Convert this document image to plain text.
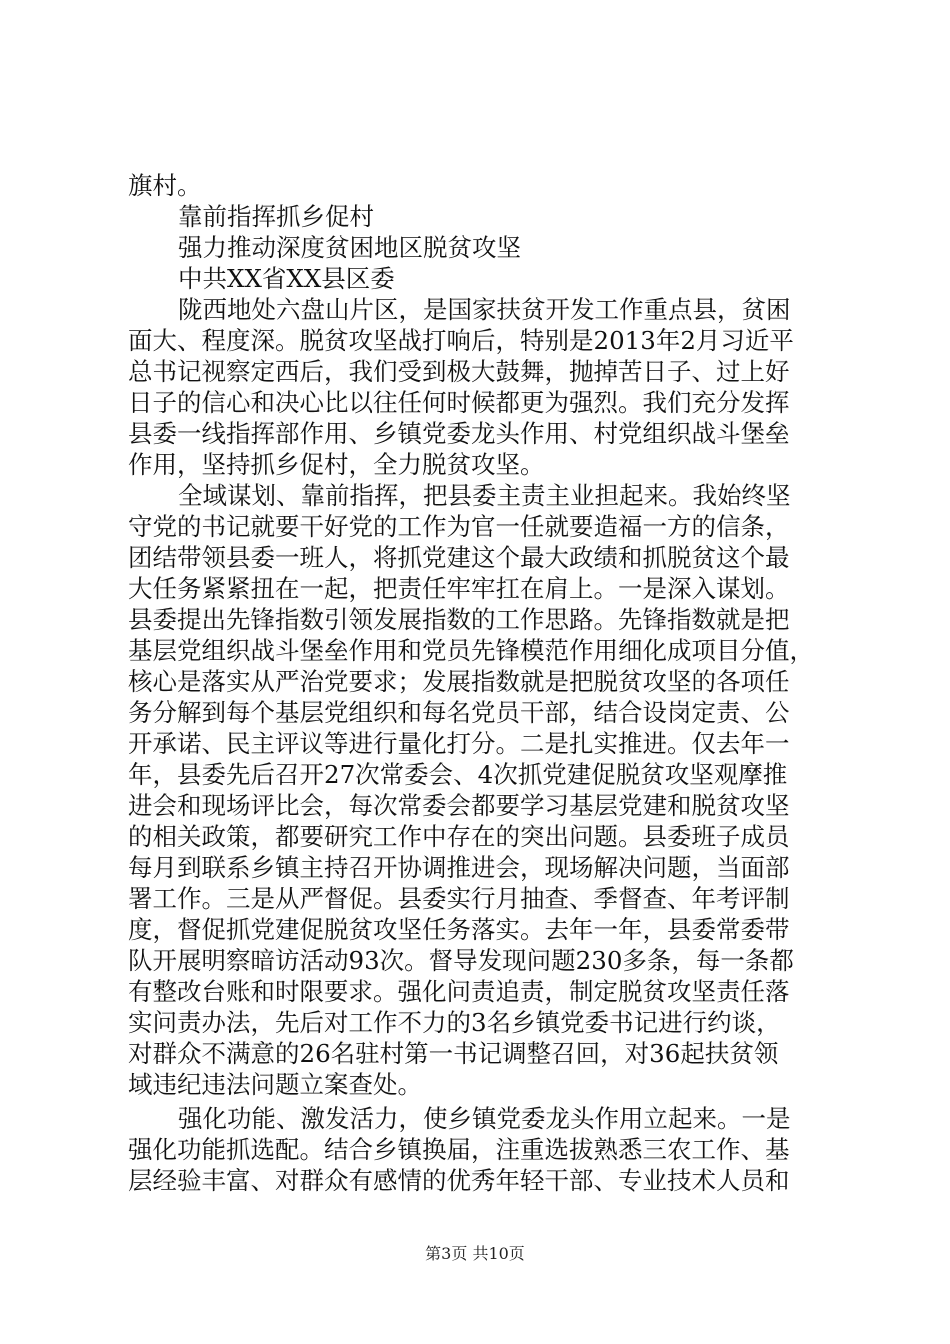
旗村。
靠前指挥抓乡促村
强力推动深度贫困地区脱贫攻坚
中共XX省XX县区委
陇西地处六盘山片区，是国家扶贫开发工作重点县，贫困
面大、程度深。脱贫攻坚战打响后，特别是2013年2月习近平
总书记视察定西后，我们受到极大鼓舞，抛掉苦日子、过上好
日子的信心和决心比以往任何时候都更为强烈。我们充分发挥
县委一线指挥部作用、乡镇党委龙头作用、村党组织战斗堡垒
作用，坚持抓乡促村，全力脱贫攻坚。
全域谋划、靠前指挥，把县委主责主业担起来。我始终坚
守党的书记就要干好党的工作为官一任就要造福一方的信条，
团结带领县委一班人，将抓党建这个最大政绩和抓脱贫这个最
大任务紧紧扭在一起，把责任牢牢扛在肩上。一是深入谋划。
县委提出先锋指数引领发展指数的工作思路。先锋指数就是把
基层党组织战斗堡垒作用和党员先锋模范作用细化成项目分值，
核心是落实从严治党要求；发展指数就是把脱贫攻坚的各项任
务分解到每个基层党组织和每名党员干部，结合设岗定责、公
开承诺、民主评议等进行量化打分。二是扎实推进。仅去年一
年，县委先后召开27次常委会、4次抓党建促脱贫攻坚观摩推
进会和现场评比会，每次常委会都要学习基层党建和脱贫攻坚
的相关政策，都要研究工作中存在的突出问题。县委班子成员
每月到联系乡镇主持召开协调推进会，现场解决问题，当面部
署工作。三是从严督促。县委实行月抽查、季督查、年考评制
度，督促抓党建促脱贫攻坚任务落实。去年一年，县委常委带
队开展明察暗访活动93次。督导发现问题230多条，每一条都
有整改台账和时限要求。强化问责追责，制定脱贫攻坚责任落
实问责办法，先后对工作不力的3名乡镇党委书记进行约谈，
对群众不满意的26名驻村第一书记调整召回，对36起扶贫领
域违纪违法问题立案查处。
强化功能、激发活力，使乡镇党委龙头作用立起来。一是
强化功能抓选配。结合乡镇换届，注重选拔熟悉三农工作、基
层经验丰富、对群众有感情的优秀年轻干部、专业技术人员和
第3页 共10页
